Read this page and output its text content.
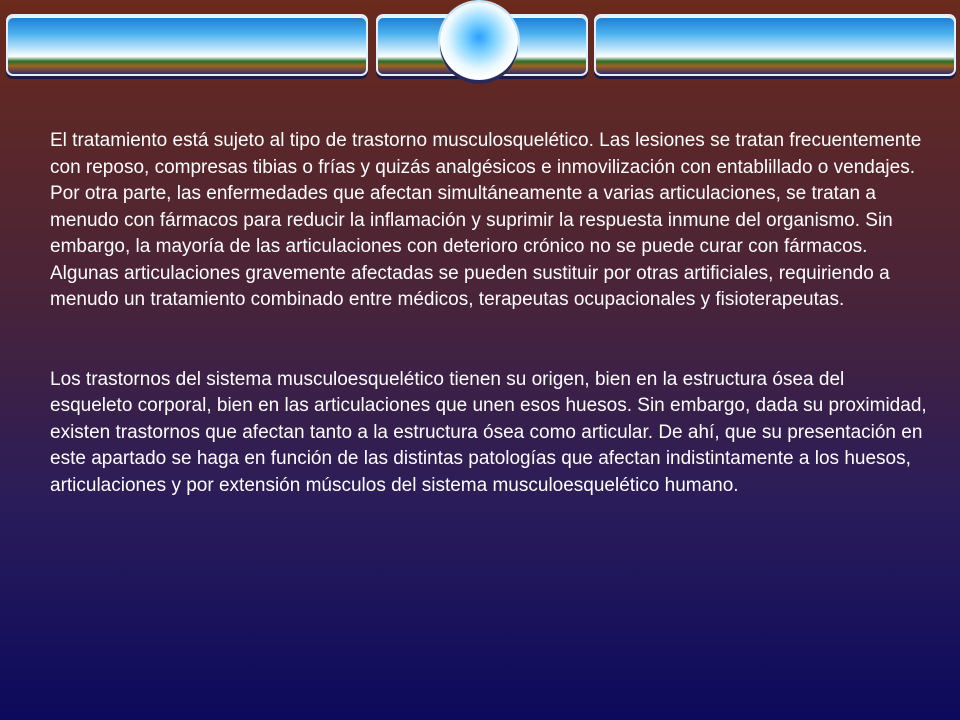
El tratamiento está sujeto al tipo de trastorno musculosquelético. Las lesiones se tratan frecuentemente con reposo, compresas tibias o frías y quizás analgésicos e inmovilización con entablillado o vendajes. Por otra parte, las enfermedades que afectan simultáneamente a varias articulaciones, se tratan a menudo con fármacos para reducir la inflamación y suprimir la respuesta inmune del organismo. Sin embargo, la mayoría de las articulaciones con deterioro crónico no se puede curar con fármacos. Algunas articulaciones gravemente afectadas se pueden sustituir por otras artificiales, requiriendo a menudo un tratamiento combinado entre médicos, terapeutas ocupacionales y fisioterapeutas.

Los trastornos del sistema musculoesquelético tienen su origen, bien en la estructura ósea del esqueleto corporal, bien en las articulaciones que unen esos huesos. Sin embargo, dada su proximidad, existen trastornos que afectan tanto a la estructura ósea como articular. De ahí, que su presentación en este apartado se haga en función de las distintas patologías que afectan indistintamente a los huesos, articulaciones y por extensión músculos del sistema musculoesquelético humano.
